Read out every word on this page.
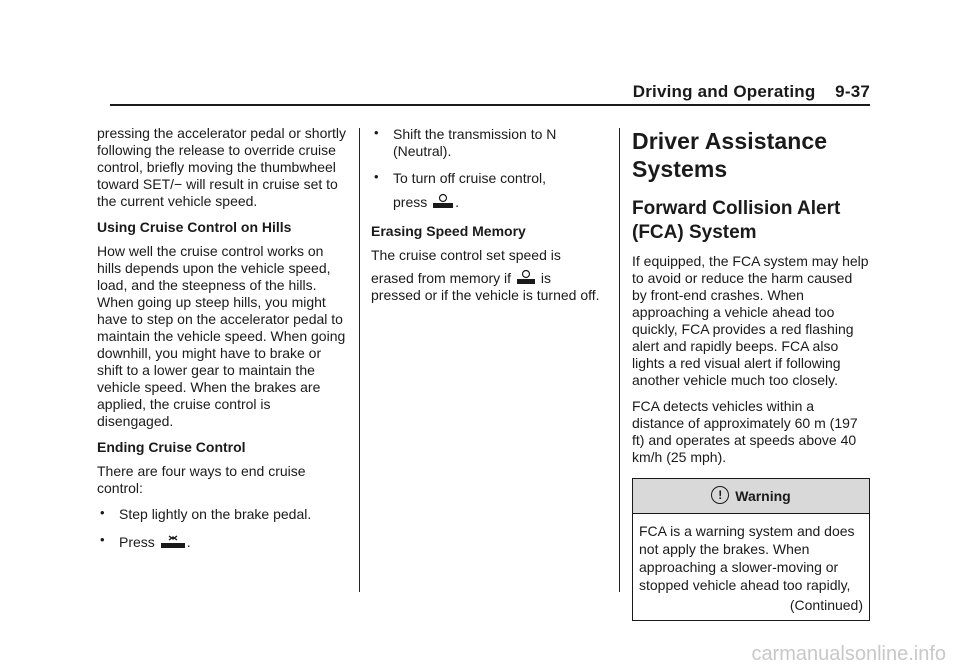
Driving and Operating 9-37

pressing the accelerator pedal or shortly following the release to override cruise control, briefly moving the thumbwheel toward SET/− will result in cruise set to the current vehicle speed.

Using Cruise Control on Hills

How well the cruise control works on hills depends upon the vehicle speed, load, and the steepness of the hills. When going up steep hills, you might have to step on the accelerator pedal to maintain the vehicle speed. When going downhill, you might have to brake or shift to a lower gear to maintain the vehicle speed. When the brakes are applied, the cruise control is disengaged.

Ending Cruise Control

There are four ways to end cruise control:

• Step lightly on the brake pedal.
• Press .
• Shift the transmission to N (Neutral).
• To turn off cruise control,
press .

Erasing Speed Memory

The cruise control set speed is
erased from memory if is
pressed or if the vehicle is turned off.

Driver Assistance Systems
Forward Collision Alert (FCA) System

If equipped, the FCA system may help to avoid or reduce the harm caused by front-end crashes. When approaching a vehicle ahead too quickly, FCA provides a red flashing alert and rapidly beeps. FCA also lights a red visual alert if following another vehicle much too closely.

FCA detects vehicles within a distance of approximately 60 m (197 ft) and operates at speeds above 40 km/h (25 mph).

! Warning
FCA is a warning system and does not apply the brakes. When approaching a slower-moving or stopped vehicle ahead too rapidly,
(Continued)
carmanualsonline.info
